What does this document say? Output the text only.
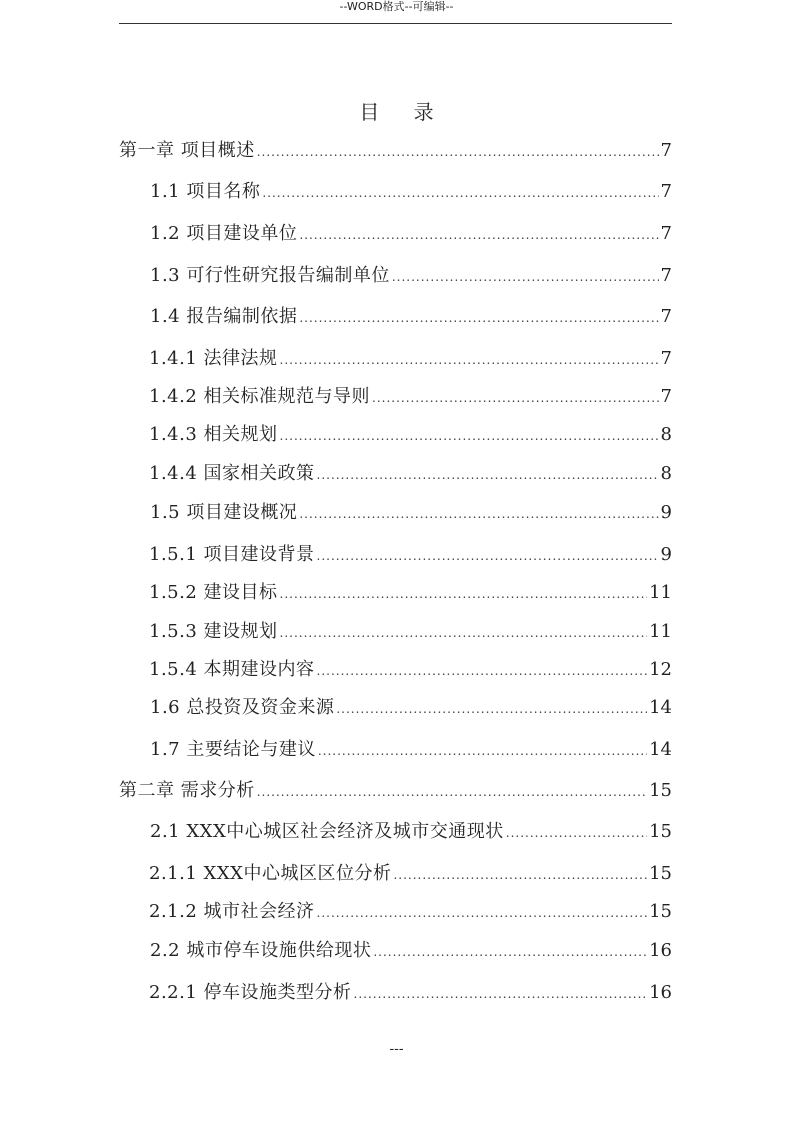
--WORD格式--可编辑--
目 录
第一章 项目概述 .....	7
1.1 项目名称 .....	7
1.2 项目建设单位 .....	7
1.3 可行性研究报告编制单位 .....	7
1.4 报告编制依据 .....	7
1.4.1 法律法规 .....	7
1.4.2 相关标准规范与导则 .....	7
1.4.3 相关规划 .....	8
1.4.4 国家相关政策 .....	8
1.5 项目建设概况 .....	9
1.5.1 项目建设背景 .....	9
1.5.2 建设目标 .....	11
1.5.3 建设规划 .....	11
1.5.4 本期建设内容 .....	12
1.6 总投资及资金来源 .....	14
1.7 主要结论与建议 .....	14
第二章 需求分析 .....	15
2.1 XXX中心城区社会经济及城市交通现状 .....	15
2.1.1 XXX中心城区区位分析 .....	15
2.1.2 城市社会经济 .....	15
2.2 城市停车设施供给现状 .....	16
2.2.1 停车设施类型分析 .....	16
---
